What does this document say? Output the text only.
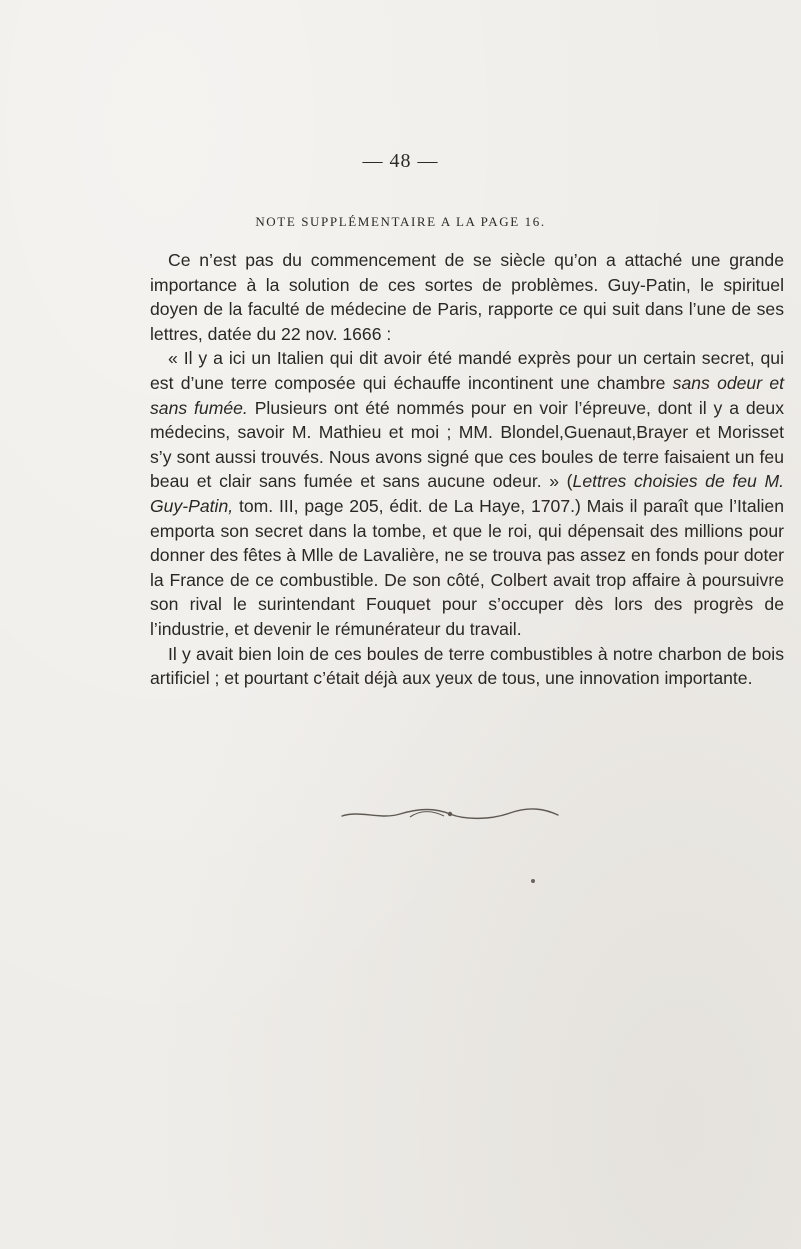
— 48 —
NOTE SUPPLÉMENTAIRE A LA PAGE 16.

Ce n’est pas du commencement de se siècle qu’on a attaché une grande importance à la solution de ces sortes de problèmes. Guy-Patin, le spirituel doyen de la faculté de médecine de Paris, rapporte ce qui suit dans l’une de ses lettres, datée du 22 nov. 1666 :

« Il y a ici un Italien qui dit avoir été mandé exprès pour un certain secret, qui est d’une terre composée qui échauffe incontinent une chambre sans odeur et sans fumée. Plusieurs ont été nommés pour en voir l’épreuve, dont il y a deux médecins, savoir M. Mathieu et moi ; MM. Blondel,Guenaut,Brayer et Morisset s’y sont aussi trouvés. Nous avons signé que ces boules de terre faisaient un feu beau et clair sans fumée et sans aucune odeur. » (Lettres choisies de feu M. Guy-Patin, tom. III, page 205, édit. de La Haye, 1707.) Mais il paraît que l’Italien emporta son secret dans la tombe, et que le roi, qui dépensait des millions pour donner des fêtes à Mlle de Lavalière, ne se trouva pas assez en fonds pour doter la France de ce combustible. De son côté, Colbert avait trop affaire à poursuivre son rival le surintendant Fouquet pour s’occuper dès lors des progrès de l’industrie, et devenir le rémunérateur du travail.

Il y avait bien loin de ces boules de terre combustibles à notre charbon de bois artificiel ; et pourtant c’était déjà aux yeux de tous, une innovation importante.
